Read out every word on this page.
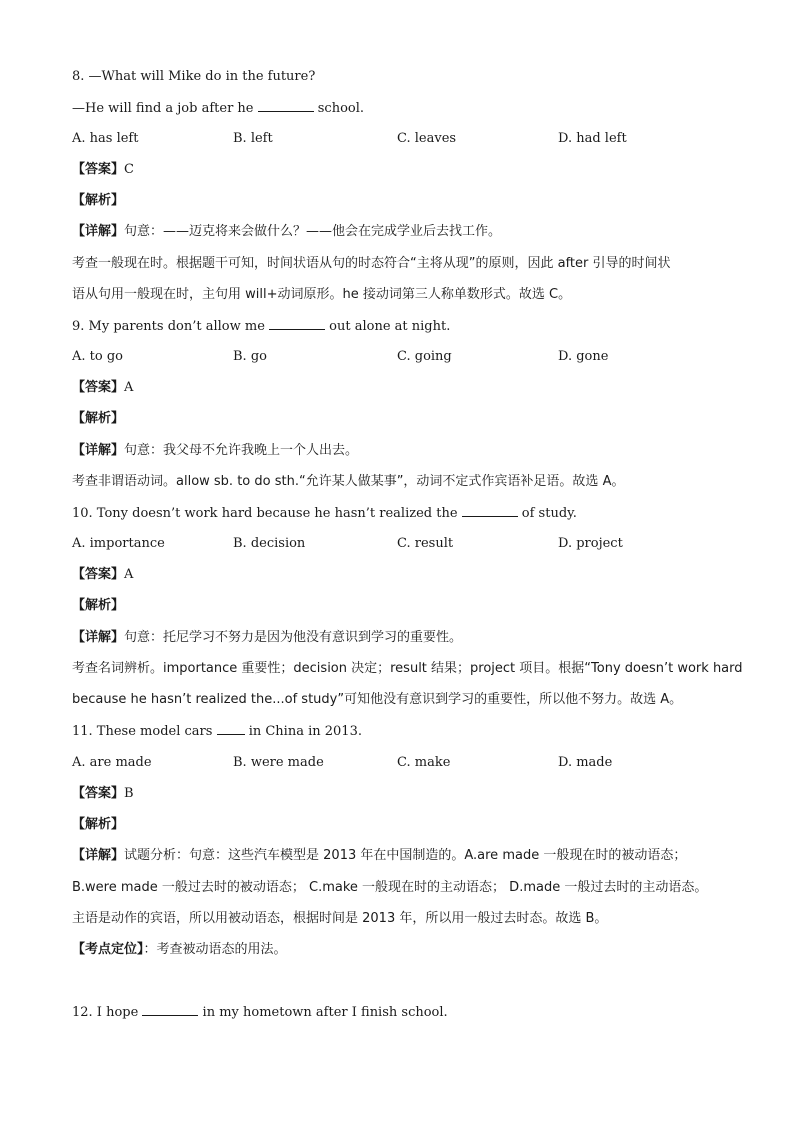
8. —What will Mike do in the future?
—He will find a job after he	school.
A. has left	B. left	C. leaves	D. had left
【答案】C
【解析】
【详解】句意：——迈克将来会做什么？——他会在完成学业后去找工作。
考查一般现在时。根据题干可知，时间状语从句的时态符合“主将从现”的原则，因此 after 引导的时间状
语从句用一般现在时，主句用 will+动词原形。he 接动词第三人称单数形式。故选 C。
9. My parents don’t allow me	out alone at night.
A. to go	B. go	C. going	D. gone
【答案】A
【解析】
【详解】句意：我父母不允许我晚上一个人出去。
考查非谓语动词。allow sb. to do sth.“允许某人做某事”，动词不定式作宾语补足语。故选 A。
10. Tony doesn’t work hard because he hasn’t realized the	of study.
A. importance	B. decision	C. result	D. project
【答案】A
【解析】
【详解】句意：托尼学习不努力是因为他没有意识到学习的重要性。
考查名词辨析。importance 重要性；decision 决定；result 结果；project 项目。根据“Tony doesn’t work hard
because he hasn’t realized the...of study”可知他没有意识到学习的重要性，所以他不努力。故选 A。
11. These model cars  in China in 2013.
A. are made	B. were made	C. make	D. made
【答案】B
【解析】
【详解】试题分析：句意：这些汽车模型是 2013 年在中国制造的。A.are made 一般现在时的被动语态；
B.were made 一般过去时的被动语态； C.make 一般现在时的主动语态； D.made 一般过去时的主动语态。
主语是动作的宾语，所以用被动语态，根据时间是 2013 年，所以用一般过去时态。故选 B。
【考点定位】：考查被动语态的用法。
12. I hope	in my hometown after I finish school.
